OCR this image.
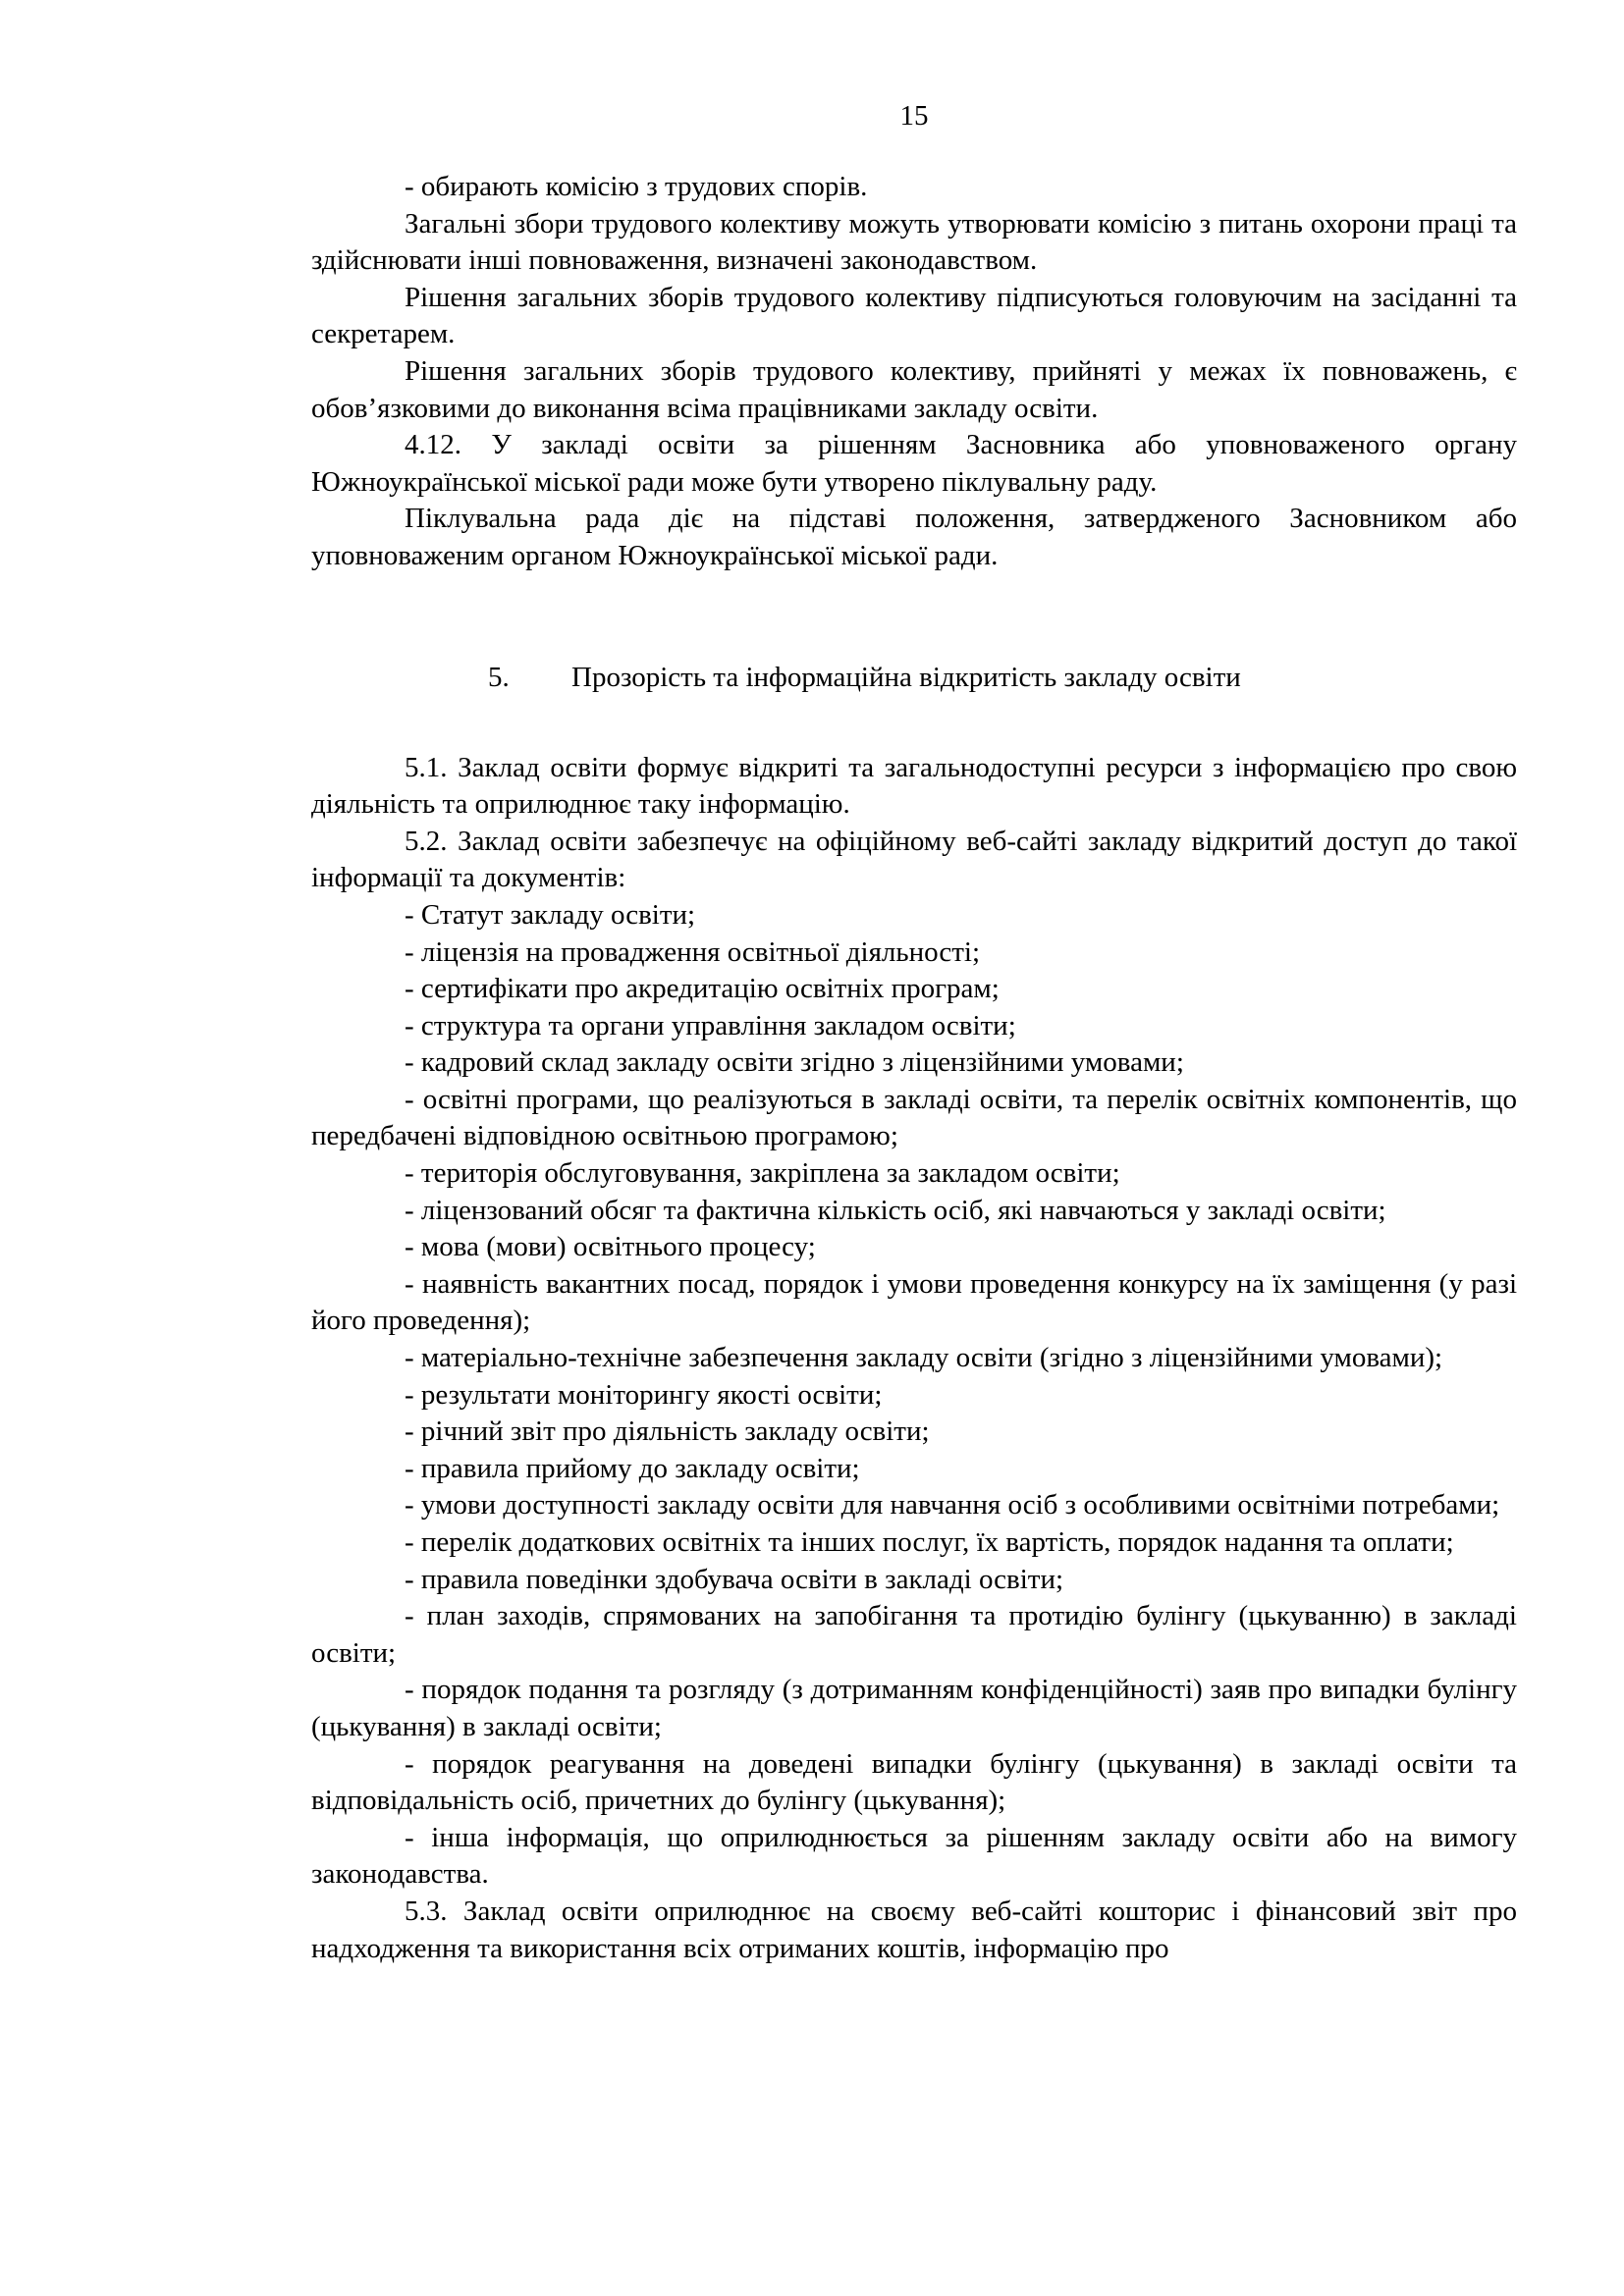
15

- обирають комісію з трудових спорів.

Загальні збори трудового колективу можуть утворювати комісію з питань охорони праці та здійснювати інші повноваження, визначені законодавством.

Рішення загальних зборів трудового колективу підписуються головуючим на засіданні та секретарем.

Рішення загальних зборів трудового колективу, прийняті у межах їх повноважень, є обов’язковими до виконання всіма працівниками закладу освіти.

4.12. У закладі освіти за рішенням Засновника або уповноваженого органу Южноукраїнської міської ради може бути утворено піклувальну раду.

Піклувальна рада діє на підставі положення, затвердженого Засновником або уповноваженим органом Южноукраїнської міської ради.

5.	Прозорість та інформаційна відкритість закладу освіти

5.1. Заклад освіти формує відкриті та загальнодоступні ресурси з інформацією про свою діяльність та оприлюднює таку інформацію.

5.2. Заклад освіти забезпечує на офіційному веб-сайті закладу відкритий доступ до такої інформації та документів:

- Статут закладу освіти;

- ліцензія на провадження освітньої діяльності;

- сертифікати про акредитацію освітніх програм;

- структура та органи управління закладом освіти;

- кадровий склад закладу освіти згідно з ліцензійними умовами;

- освітні програми, що реалізуються в закладі освіти, та перелік освітніх компонентів, що передбачені відповідною освітньою програмою;

- територія обслуговування, закріплена за закладом освіти;

- ліцензований обсяг та фактична кількість осіб, які навчаються у закладі освіти;

- мова (мови) освітнього процесу;

- наявність вакантних посад, порядок і умови проведення конкурсу на їх заміщення (у разі його проведення);

- матеріально-технічне забезпечення закладу освіти (згідно з ліцензійними умовами);

- результати моніторингу якості освіти;

- річний звіт про діяльність закладу освіти;

- правила прийому до закладу освіти;

- умови доступності закладу освіти для навчання осіб з особливими освітніми потребами;

- перелік додаткових освітніх та інших послуг, їх вартість, порядок надання та оплати;

- правила поведінки здобувача освіти в закладі освіти;

- план заходів, спрямованих на запобігання та протидію булінгу (цькуванню) в закладі освіти;

- порядок подання та розгляду (з дотриманням конфіденційності) заяв про випадки булінгу (цькування) в закладі освіти;

- порядок реагування на доведені випадки булінгу (цькування) в закладі освіти та відповідальність осіб, причетних до булінгу (цькування);

- інша інформація, що оприлюднюється за рішенням закладу освіти або на вимогу законодавства.

5.3. Заклад освіти оприлюднює на своєму веб-сайті кошторис і фінансовий звіт про надходження та використання всіх отриманих коштів, інформацію про
